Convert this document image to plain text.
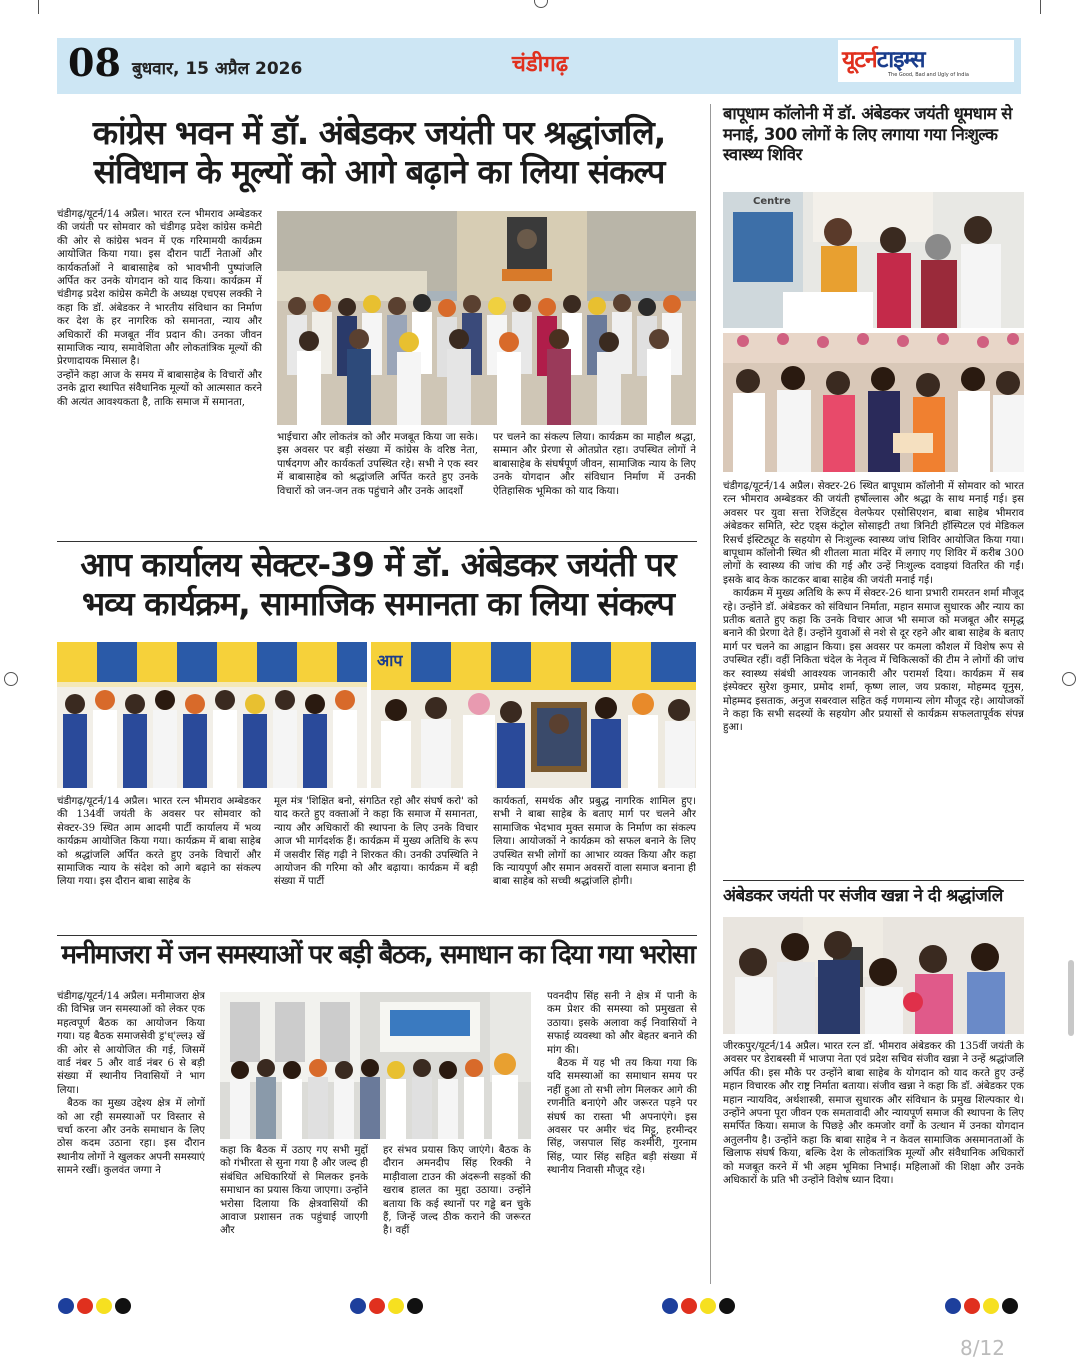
08 बुधवार, 15 अप्रैल 2026	चंडीगढ़	यूटर्नटाइम्स
The Good, Bad and Ugly of India
कांग्रेस भवन में डॉ. अंबेडकर जयंती पर श्रद्धांजलि, संविधान के मूल्यों को आगे बढ़ाने का लिया संकल्प

चंडीगढ़/यूटर्न/14 अप्रैल। भारत रत्न भीमराव अम्बेडकर की जयंती पर सोमवार को चंडीगढ़ प्रदेश कांग्रेस कमेटी की ओर से कांग्रेस भवन में एक गरिमामयी कार्यक्रम आयोजित किया गया। इस दौरान पार्टी नेताओं और कार्यकर्ताओं ने बाबासाहेब को भावभीनी पुष्पांजलि अर्पित कर उनके योगदान को याद किया। कार्यक्रम में चंडीगढ़ प्रदेश कांग्रेस कमेटी के अध्यक्ष एचएस लक्की ने कहा कि डॉ. अंबेडकर ने भारतीय संविधान का निर्माण कर देश के हर नागरिक को समानता, न्याय और अधिकारों की मजबूत नींव प्रदान की। उनका जीवन सामाजिक न्याय, समावेशिता और लोकतांत्रिक मूल्यों की प्रेरणादायक मिसाल है।

उन्होंने कहा आज के समय में बाबासाहेब के विचारों और उनके द्वारा स्थापित संवैधानिक मूल्यों को आत्मसात करने की अत्यंत आवश्यकता है, ताकि समाज में समानता,

भाईचारा और लोकतंत्र को और मजबूत किया जा सके। इस अवसर पर बड़ी संख्या में कांग्रेस के वरिष्ठ नेता, पार्षदगण और कार्यकर्ता उपस्थित रहे। सभी ने एक स्वर में बाबासाहेब को श्रद्धांजलि अर्पित करते हुए उनके विचारों को जन-जन तक पहुंचाने और उनके आदर्शों
पर चलने का संकल्प लिया। कार्यक्रम का माहौल श्रद्धा, सम्मान और प्रेरणा से ओतप्रोत रहा। उपस्थित लोगों ने बाबासाहेब के संघर्षपूर्ण जीवन, सामाजिक न्याय के लिए उनके योगदान और संविधान निर्माण में उनकी ऐतिहासिक भूमिका को याद किया।
बापूधाम कॉलोनी में डॉ. अंबेडकर जयंती धूमधाम से मनाई, 300 लोगों के लिए लगाया गया निःशुल्क स्वास्थ्य शिविर
Centre

चंडीगढ़/यूटर्न/14 अप्रैल। सेक्टर-26 स्थित बापूधाम कॉलोनी में सोमवार को भारत रत्न भीमराव अम्बेडकर की जयंती हर्षोल्लास और श्रद्धा के साथ मनाई गई। इस अवसर पर युवा सत्ता रेजिडेंट्स वेलफेयर एसोसिएशन, बाबा साहेब भीमराव अंबेडकर समिति, स्टेट एड्स कंट्रोल सोसाइटी तथा त्रिनिटी हॉस्पिटल एवं मेडिकल रिसर्च इंस्टिट्यूट के सहयोग से निःशुल्क स्वास्थ्य जांच शिविर आयोजित किया गया। बापूधाम कॉलोनी स्थित श्री शीतला माता मंदिर में लगाए गए शिविर में करीब 300 लोगों के स्वास्थ्य की जांच की गई और उन्हें निःशुल्क दवाइयां वितरित की गईं। इसके बाद केक काटकर बाबा साहेब की जयंती मनाई गई।

कार्यक्रम में मुख्य अतिथि के रूप में सेक्टर-26 थाना प्रभारी रामरतन शर्मा मौजूद रहे। उन्होंने डॉ. अंबेडकर को संविधान निर्माता, महान समाज सुधारक और न्याय का प्रतीक बताते हुए कहा कि उनके विचार आज भी समाज को मजबूत और समृद्ध बनाने की प्रेरणा देते हैं। उन्होंने युवाओं से नशे से दूर रहने और बाबा साहेब के बताए मार्ग पर चलने का आह्वान किया। इस अवसर पर कमला कौशल में विशेष रूप से उपस्थित रहीं। वहीं निकिता चंदेल के नेतृत्व में चिकित्सकों की टीम ने लोगों की जांच कर स्वास्थ्य संबंधी आवश्यक जानकारी और परामर्श दिया। कार्यक्रम में सब इंस्पेक्टर सुरेश कुमार, प्रमोद शर्मा, कृष्ण लाल, जय प्रकाश, मोहम्मद यूनुस, मोहम्मद इसताक, अनुज सबरवाल सहित कई गणमान्य लोग मौजूद रहे। आयोजकों ने कहा कि सभी सदस्यों के सहयोग और प्रयासों से कार्यक्रम सफलतापूर्वक संपन्न हुआ।

अंबेडकर जयंती पर संजीव खन्ना ने दी श्रद्धांजलि
जीरकपुर/यूटर्न/14 अप्रैल। भारत रत्न डॉ. भीमराव अंबेडकर की 135वीं जयंती के अवसर पर डेराबस्सी में भाजपा नेता एवं प्रदेश सचिव संजीव खन्ना ने उन्हें श्रद्धांजलि अर्पित की। इस मौके पर उन्होंने बाबा साहेब के योगदान को याद करते हुए उन्हें महान विचारक और राष्ट्र निर्माता बताया। संजीव खन्ना ने कहा कि डॉ. अंबेडकर एक महान न्यायविद, अर्थशास्त्री, समाज सुधारक और संविधान के प्रमुख शिल्पकार थे। उन्होंने अपना पूरा जीवन एक समतावादी और न्यायपूर्ण समाज की स्थापना के लिए समर्पित किया। समाज के पिछड़े और कमजोर वर्गों के उत्थान में उनका योगदान अतुलनीय है। उन्होंने कहा कि बाबा साहेब ने न केवल सामाजिक असमानताओं के खिलाफ संघर्ष किया, बल्कि देश के लोकतांत्रिक मूल्यों और संवैधानिक अधिकारों को मजबूत करने में भी अहम भूमिका निभाई। महिलाओं की शिक्षा और उनके अधिकारों के प्रति भी उन्होंने विशेष ध्यान दिया।
आप कार्यालय सेक्टर-39 में डॉ. अंबेडकर जयंती पर भव्य कार्यक्रम, सामाजिक समानता का लिया संकल्प
आप
चंडीगढ़/यूटर्न/14 अप्रैल। भारत रत्न भीमराव अम्बेडकर की 134वीं जयंती के अवसर पर सोमवार को सेक्टर-39 स्थित आम आदमी पार्टी कार्यालय में भव्य कार्यक्रम आयोजित किया गया। कार्यक्रम में बाबा साहेब को श्रद्धांजलि अर्पित करते हुए उनके विचारों और सामाजिक न्याय के संदेश को आगे बढ़ाने का संकल्प लिया गया। इस दौरान बाबा साहेब के
मूल मंत्र 'शिक्षित बनो, संगठित रहो और संघर्ष करो' को याद करते हुए वक्ताओं ने कहा कि समाज में समानता, न्याय और अधिकारों की स्थापना के लिए उनके विचार आज भी मार्गदर्शक हैं। कार्यक्रम में मुख्य अतिथि के रूप में जसवीर सिंह गढ़ी ने शिरकत की। उनकी उपस्थिति ने आयोजन की गरिमा को और बढ़ाया। कार्यक्रम में बड़ी संख्या में पार्टी
कार्यकर्ता, समर्थक और प्रबुद्ध नागरिक शामिल हुए। सभी ने बाबा साहेब के बताए मार्ग पर चलने और सामाजिक भेदभाव मुक्त समाज के निर्माण का संकल्प लिया। आयोजकों ने कार्यक्रम को सफल बनाने के लिए उपस्थित सभी लोगों का आभार व्यक्त किया और कहा कि न्यायपूर्ण और समान अवसरों वाला समाज बनाना ही बाबा साहेब को सच्ची श्रद्धांजलि होगी।
मनीमाजरा में जन समस्याओं पर बड़ी बैठक, समाधान का दिया गया भरोसा

चंडीगढ़/यूटर्न/14 अप्रैल। मनीमाजरा क्षेत्र की विभिन्न जन समस्याओं को लेकर एक महत्वपूर्ण बैठक का आयोजन किया गया। यह बैठक समाजसेवी ड्र'ध्'ल्ल३ खें की ओर से आयोजित की गई, जिसमें वार्ड नंबर 5 और वार्ड नंबर 6 से बड़ी संख्या में स्थानीय निवासियों ने भाग लिया।

बैठक का मुख्य उद्देश्य क्षेत्र में लोगों को आ रही समस्याओं पर विस्तार से चर्चा करना और उनके समाधान के लिए ठोस कदम उठाना रहा। इस दौरान स्थानीय लोगों ने खुलकर अपनी समस्याएं सामने रखीं। कुलवंत जग्गा ने

कहा कि बैठक में उठाए गए सभी मुद्दों को गंभीरता से सुना गया है और जल्द ही संबंधित अधिकारियों से मिलकर इनके समाधान का प्रयास किया जाएगा। उन्होंने भरोसा दिलाया कि क्षेत्रवासियों की आवाज प्रशासन तक पहुंचाई जाएगी और
हर संभव प्रयास किए जाएंगे। बैठक के दौरान अमनदीप सिंह रिक्की ने माड़ीवाला टाउन की अंदरूनी सड़कों की खराब हालत का मुद्दा उठाया। उन्होंने बताया कि कई स्थानों पर गड्ढे बन चुके हैं, जिन्हें जल्द ठीक कराने की जरूरत है। वहीं

पवनदीप सिंह सनी ने क्षेत्र में पानी के कम प्रेशर की समस्या को प्रमुखता से उठाया। इसके अलावा कई निवासियों ने सफाई व्यवस्था को और बेहतर बनाने की मांग की।

बैठक में यह भी तय किया गया कि यदि समस्याओं का समाधान समय पर नहीं हुआ तो सभी लोग मिलकर आगे की रणनीति बनाएंगे और जरूरत पड़ने पर संघर्ष का रास्ता भी अपनाएंगे। इस अवसर पर अमीर चंद मिट्टू, हरमीन्दर सिंह, जसपाल सिंह कश्मीरी, गुरनाम सिंह, प्यार सिंह सहित बड़ी संख्या में स्थानीय निवासी मौजूद रहे।

8/12
